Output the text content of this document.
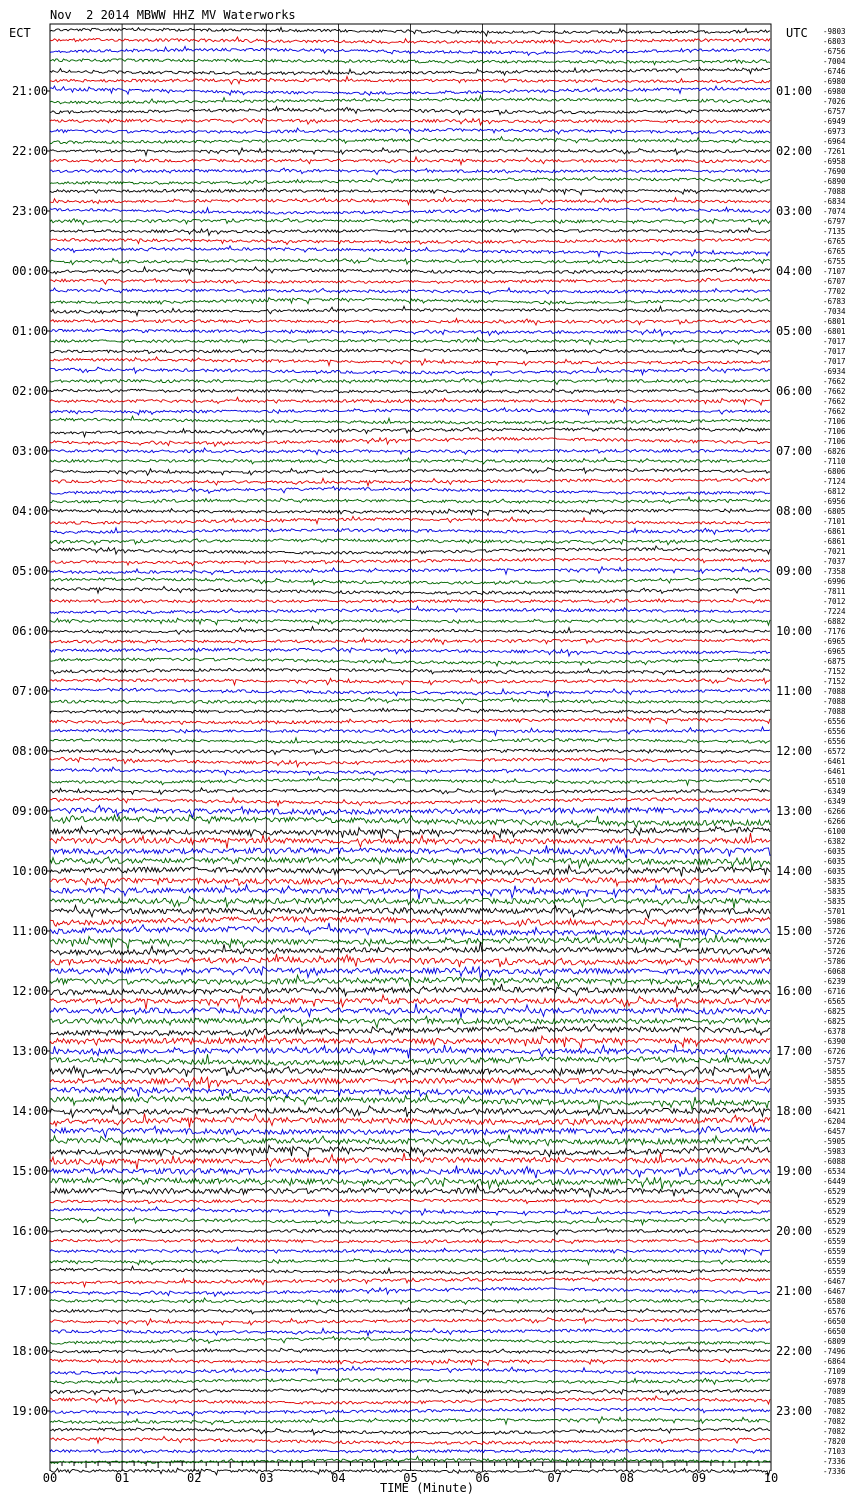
Nov  2 2014 MBWW HHZ MV Waterworks
ECT	UTC
21:00
22:00
23:00
00:00
01:00
02:00
03:00
04:00
05:00
06:00
07:00
08:00
09:00
10:00
11:00
12:00
13:00
14:00
15:00
16:00
17:00
18:00
19:00
01:00
02:00
03:00
04:00
05:00
06:00
07:00
08:00
09:00
10:00
11:00
12:00
13:00
14:00
15:00
16:00
17:00
18:00
19:00
20:00
21:00
22:00
23:00
-9803
-6803
-6756
-7004
-6746
-6980
-6980
-7026
-6757
-6949
-6973
-6964
-7261
-6958
-7690
-6890
-7088
-6834
-7074
-6797
-7135
-6765
-6765
-6755
-7107
-6707
-7702
-6783
-7034
-6801
-6801
-7017
-7017
-7017
-6934
-7662
-7662
-7662
-7662
-7106
-7106
-7106
-6826
-7110
-6806
-7124
-6812
-6956
-6805
-7101
-6861
-6861
-7021
-7037
-7358
-6996
-7811
-7012
-7224
-6882
-7176
-6965
-6965
-6875
-7152
-7152
-7088
-7088
-7088
-6556
-6556
-6556
-6572
-6461
-6461
-6510
-6349
-6349
-6266
-6266
-6100
-6382
-6035
-6035
-6035
-5835
-5835
-5835
-5701
-5986
-5726
-5726
-5726
-5786
-6068
-6239
-6716
-6565
-6825
-6825
-6378
-6390
-6726
-5757
-5855
-5855
-5935
-5935
-6421
-6204
-6457
-5905
-5983
-6088
-6534
-6449
-6529
-6529
-6529
-6529
-6529
-6559
-6559
-6559
-6559
-6467
-6467
-6580
-6576
-6650
-6650
-6809
-7496
-6864
-7109
-6978
-7089
-7085
-7082
-7082
-7082
-7820
-7103
-7336
-7336
00	01	02	03	04	05	06	07	08	09	10
TIME (Minute)
